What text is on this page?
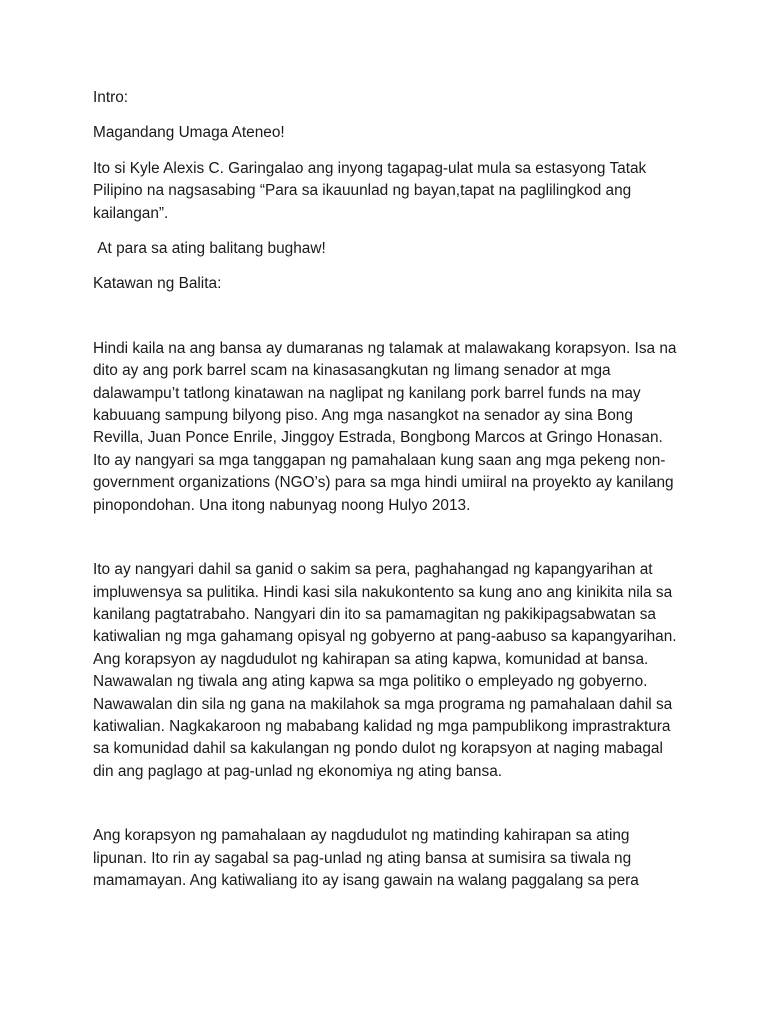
Intro:

Magandang Umaga Ateneo!

Ito si Kyle Alexis C. Garingalao ang inyong tagapag-ulat mula sa estasyong Tatak Pilipino na nagsasabing “Para sa ikauunlad ng bayan,tapat na paglilingkod ang kailangan”.

At para sa ating balitang bughaw!

Katawan ng Balita:

Hindi kaila na ang bansa ay dumaranas ng talamak at malawakang korapsyon. Isa na dito ay ang pork barrel scam na kinasasangkutan ng limang senador at mga dalawampu’t tatlong kinatawan na naglipat ng kanilang pork barrel funds na may kabuuang sampung bilyong piso. Ang mga nasangkot na senador ay sina Bong Revilla, Juan Ponce Enrile, Jinggoy Estrada, Bongbong Marcos at Gringo Honasan. Ito ay nangyari sa mga tanggapan ng pamahalaan kung saan ang mga pekeng non-government organizations (NGO’s) para sa mga hindi umiiral na proyekto ay kanilang pinopondohan. Una itong nabunyag noong Hulyo 2013.

Ito ay nangyari dahil sa ganid o sakim sa pera, paghahangad ng kapangyarihan at impluwensya sa pulitika. Hindi kasi sila nakukontento sa kung ano ang kinikita nila sa kanilang pagtatrabaho. Nangyari din ito sa pamamagitan ng pakikipagsabwatan sa katiwalian ng mga gahamang opisyal ng gobyerno at pang-aabuso sa kapangyarihan. Ang korapsyon ay nagdudulot ng kahirapan sa ating kapwa, komunidad at bansa. Nawawalan ng tiwala ang ating kapwa sa mga politiko o empleyado ng gobyerno. Nawawalan din sila ng gana na makilahok sa mga programa ng pamahalaan dahil sa katiwalian. Nagkakaroon ng mababang kalidad ng mga pampublikong imprastraktura sa komunidad dahil sa kakulangan ng pondo dulot ng korapsyon at naging mabagal din ang paglago at pag-unlad ng ekonomiya ng ating bansa.

Ang korapsyon ng pamahalaan ay nagdudulot ng matinding kahirapan sa ating lipunan. Ito rin ay sagabal sa pag-unlad ng ating bansa at sumisira sa tiwala ng mamamayan. Ang katiwaliang ito ay isang gawain na walang paggalang sa pera
